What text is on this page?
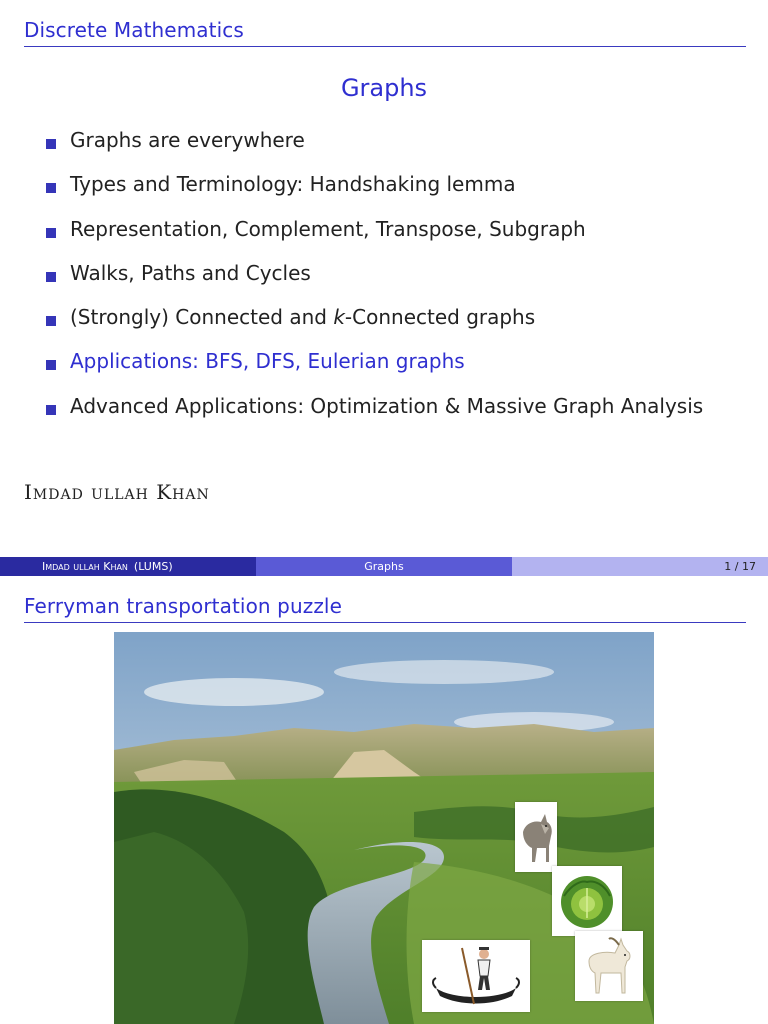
Discrete Mathematics
Graphs
Graphs are everywhere
Types and Terminology: Handshaking lemma
Representation, Complement, Transpose, Subgraph
Walks, Paths and Cycles
(Strongly) Connected and k-Connected graphs
Applications: BFS, DFS, Eulerian graphs
Advanced Applications: Optimization & Massive Graph Analysis
Imdad ullah Khan
Imdad ullah Khan (LUMS)	Graphs	1 / 17
Ferryman transportation puzzle
